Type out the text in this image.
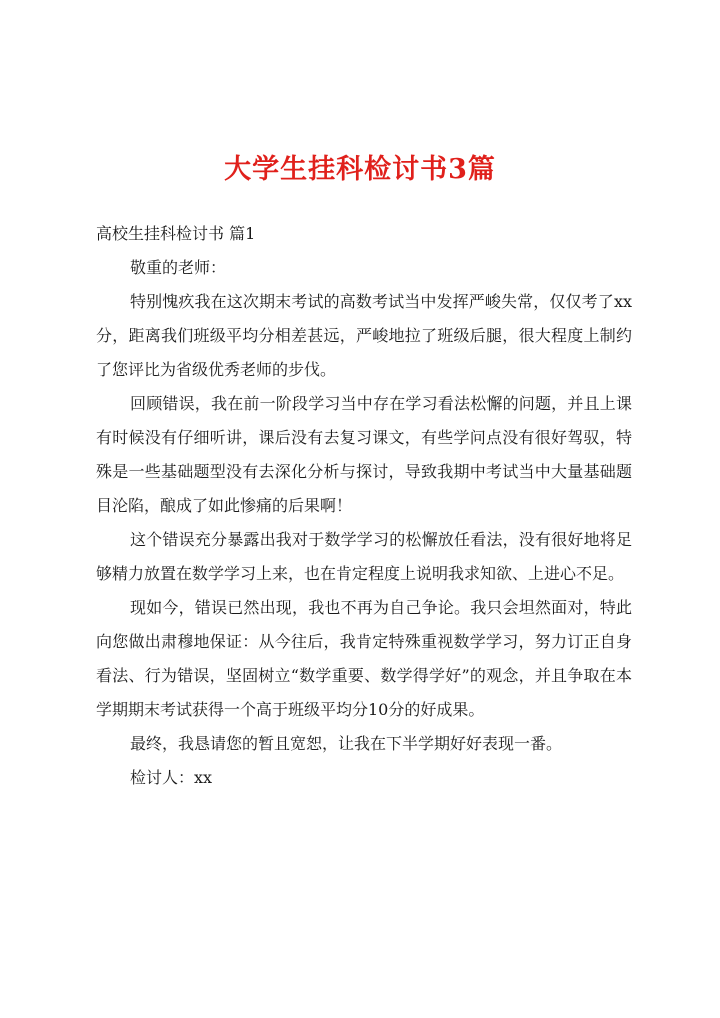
大学生挂科检讨书3篇

高校生挂科检讨书 篇1

敬重的老师：

特别愧疚我在这次期末考试的高数考试当中发挥严峻失常，仅仅考了xx分，距离我们班级平均分相差甚远，严峻地拉了班级后腿，很大程度上制约了您评比为省级优秀老师的步伐。

回顾错误，我在前一阶段学习当中存在学习看法松懈的问题，并且上课有时候没有仔细听讲，课后没有去复习课文，有些学问点没有很好驾驭，特殊是一些基础题型没有去深化分析与探讨，导致我期中考试当中大量基础题目沦陷，酿成了如此惨痛的后果啊！

这个错误充分暴露出我对于数学学习的松懈放任看法，没有很好地将足够精力放置在数学学习上来，也在肯定程度上说明我求知欲、上进心不足。

现如今，错误已然出现，我也不再为自己争论。我只会坦然面对，特此向您做出肃穆地保证：从今往后，我肯定特殊重视数学学习，努力订正自身看法、行为错误，坚固树立“数学重要、数学得学好”的观念，并且争取在本学期期末考试获得一个高于班级平均分10分的好成果。

最终，我恳请您的暂且宽恕，让我在下半学期好好表现一番。

检讨人：xx
